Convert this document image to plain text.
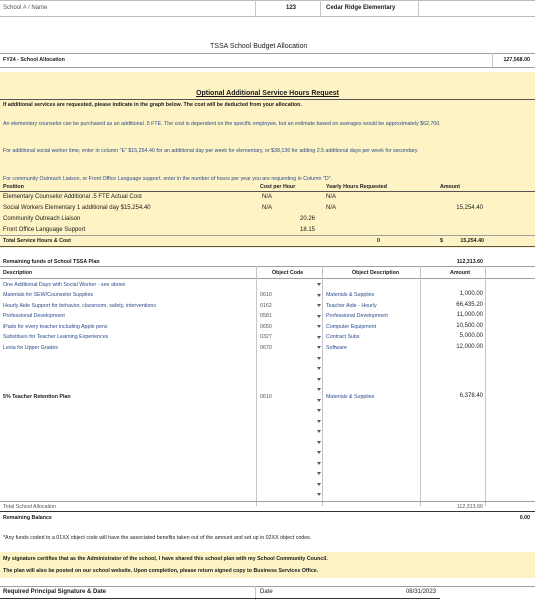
School # / Name	123	Cedar Ridge Elementary
TSSA School Budget Allocation
FY24 - School Allocation	127,568.00
Optional Additional Service Hours Request
If additional services are requested, please indicate in the graph below. The cost will be deducted from your allocation.
An elementary counselor can be purchased as an additional .5 FTE. The cost is dependent on the specific employee, but an estimate based on averages would be approximately $62,700.
For additional social worker time, enter in column "E" $15,254.40 for an additional day per week for elementary, or $38,136 for adding 2.5 additional days per week for secondary.
For community Outreach Liaison, or Front Office Language support, enter in the number of hours per year you are requesting in Column "D".
Position	Cost per Hour	Yearly Hours Requested	Amount
Elementary Counselor Additional .5 FTE Actual Cost	N/A	N/A
Social Workers Elementary 1 additional day $15,254.40	N/A	N/A	15,254.40
Community Outreach Liaison	20.26
Front Office Language Support	18.15
Total Service Hours & Cost	0	$	15,254.40
Remaining funds of School TSSA Plan	112,313.60
Description	Object Code	Object Description	Amount
One Additional Days with Social Worker - see above
Materials for SEW/Counselor Supplies	0610	Materials & Supplies	1,000.00
Hourly Aide Support for behavior, classroom, safety, interventions	0162	Teacher Aide - Hourly	66,435.20
Professional Development	0581	Professional Development	11,000.00
iPads for every teacher including Apple pens	0650	Computer Equipment	10,500.00
Substitues for Teacher Learning Experiences	0327	Contract Subs	5,000.00
Lexia for Upper Grades	0670	Software	12,000.00
5% Teacher Retention Plan	0610	Materials & Supplies	6,378.40
Total School Allocation	112,313.60
Remaining Balance	0.00
*Any funds coded to a 01XX object code will have the associated benefits taken out of the amount and set up in 02XX object codes.
My signature certifies that as the Administrator of the school, I have shared this school plan with my School Community Council.
The plan will also be posted on our school website. Upon completion, please return signed copy to Business Services Office.
Required Principal Signature & Date	Date	08/31/2023
